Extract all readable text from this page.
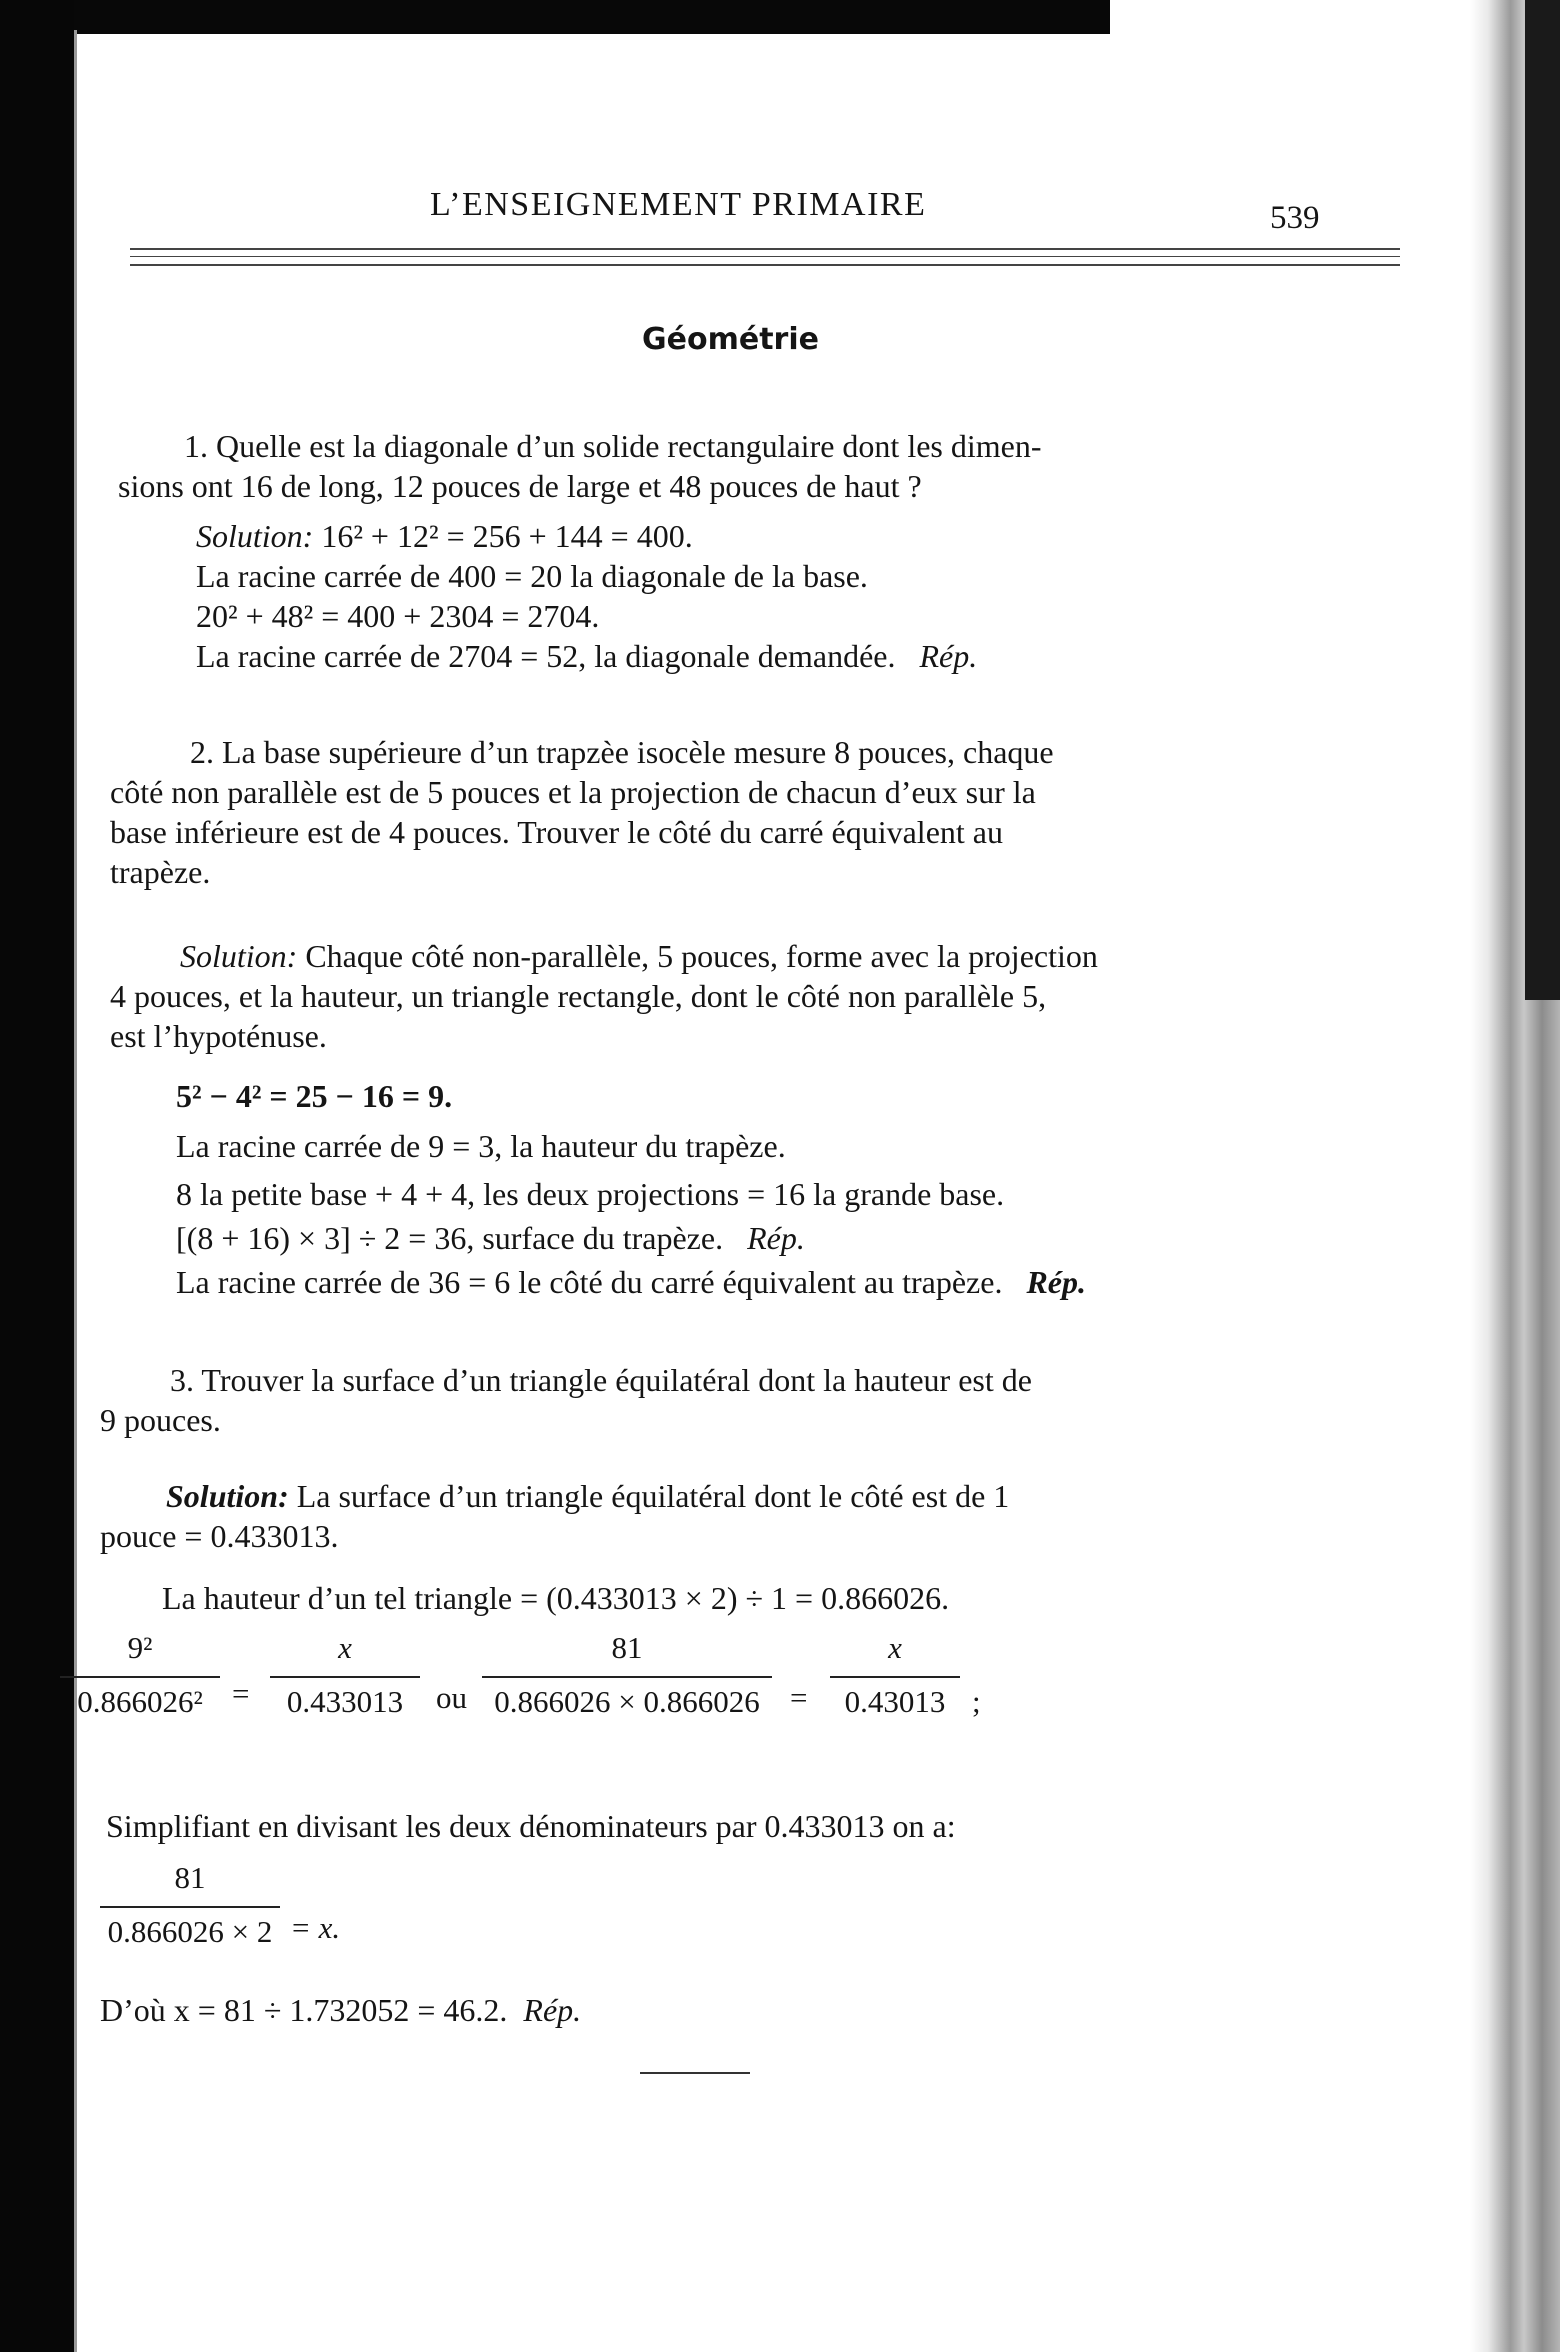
L’ENSEIGNEMENT PRIMAIRE	539
Géométrie
1. Quelle est la diagonale d’un solide rectangulaire dont les dimen-
sions ont 16 de long, 12 pouces de large et 48 pouces de haut ?
Solution: 16² + 12² = 256 + 144 = 400.
La racine carrée de 400 = 20 la diagonale de la base.
20² + 48² = 400 + 2304 = 2704.
La racine carrée de 2704 = 52, la diagonale demandée. Rép.
2. La base supérieure d’un trapzèe isocèle mesure 8 pouces, chaque
côté non parallèle est de 5 pouces et la projection de chacun d’eux sur la
base inférieure est de 4 pouces. Trouver le côté du carré équivalent au
trapèze.
Solution: Chaque côté non-parallèle, 5 pouces, forme avec la projection
4 pouces, et la hauteur, un triangle rectangle, dont le côté non parallèle 5,
est l’hypoténuse.
5² − 4² = 25 − 16 = 9.
La racine carrée de 9 = 3, la hauteur du trapèze.
8 la petite base + 4 + 4, les deux projections = 16 la grande base.
[(8 + 16) × 3] ÷ 2 = 36, surface du trapèze. Rép.
La racine carrée de 36 = 6 le côté du carré équivalent au trapèze. Rép.
3. Trouver la surface d’un triangle équilatéral dont la hauteur est de
9 pouces.
Solution: La surface d’un triangle équilatéral dont le côté est de 1
pouce = 0.433013.
La hauteur d’un tel triangle = (0.433013 × 2) ÷ 1 = 0.866026.
9²
0.866026² =
x
0.433013	ou
81
0.866026 × 0.866026 =
x
0.43013 ;
Simplifiant en divisant les deux dénominateurs par 0.433013 on a:
81
0.866026 × 2 = x.
D’où x = 81 ÷ 1.732052 = 46.2. Rép.
